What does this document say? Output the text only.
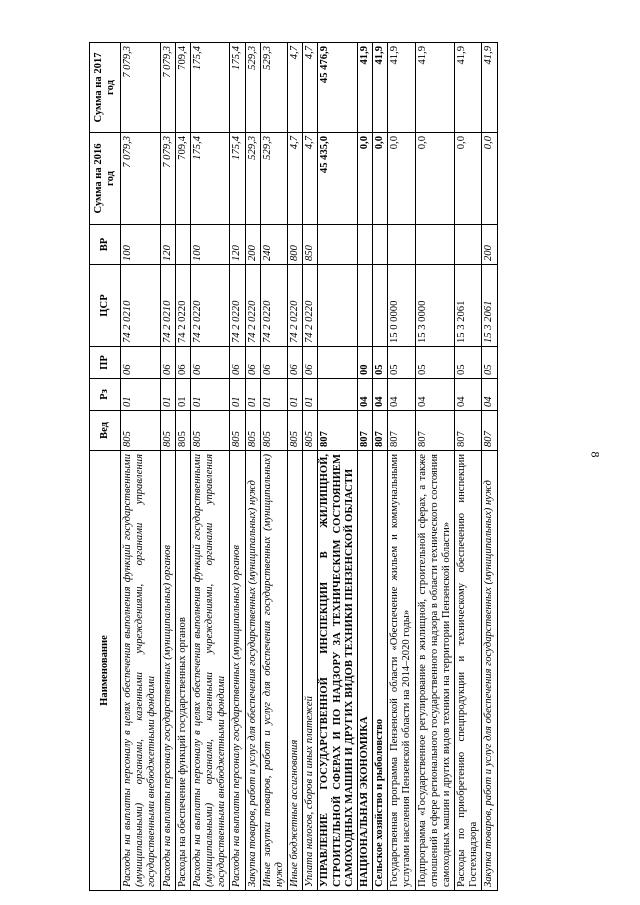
8
Наименование	Вед	Рз	ПР	ЦСР	ВР	Сумма на 2016 год	Сумма на 2017 год
Расходы на выплаты персоналу в целях обеспечения выполнения функций государственными (муниципальными) органами, казенными учреждениями, органами управления государственными внебюджетными фондами	805	01	06	74 2 0210	100	7 079,3	7 079,3
Расходы на выплаты персоналу государственных (муниципальных) органов	805	01	06	74 2 0210	120	7 079,3	7 079,3
Расходы на обеспечение функций государственных органов	805	01	06	74 2 0220		709,4	709,4
Расходы на выплаты персоналу в целях обеспечения выполнения функций государственными (муниципальными) органами, казенными учреждениями, органами управления государственными внебюджетными фондами	805	01	06	74 2 0220	100	175,4	175,4
Расходы на выплаты персоналу государственных (муниципальных) органов	805	01	06	74 2 0220	120	175,4	175,4
Закупка товаров, работ и услуг для обеспечения государственных (муниципальных) нужд	805	01	06	74 2 0220	200	529,3	529,3
Иные закупки товаров, работ и услуг для обеспечения государственных (муниципальных) нужд	805	01	06	74 2 0220	240	529,3	529,3
Иные бюджетные ассигнования	805	01	06	74 2 0220	800	4,7	4,7
Уплата налогов, сборов и иных платежей	805	01	06	74 2 0220	850	4,7	4,7
УПРАВЛЕНИЕ ГОСУДАРСТВЕННОЙ ИНСПЕКЦИИ В ЖИЛИЩНОЙ, СТРОИТЕЛЬНОЙ СФЕРАХ И ПО НАДЗОРУ ЗА ТЕХНИЧЕСКИМ СОСТОЯНИЕМ САМОХОДНЫХ МАШИН И ДРУГИХ ВИДОВ ТЕХНИКИ ПЕНЗЕНСКОЙ ОБЛАСТИ	807					45 435,0	45 476,9
НАЦИОНАЛЬНАЯ ЭКОНОМИКА	807	04	00			0,0	41,9
Сельское хозяйство и рыболовство	807	04	05			0,0	41,9
Государственная программа Пензенской области «Обеспечение жильем и коммунальными услугами населения Пензенской области на 2014–2020 годы»	807	04	05	15 0 0000		0,0	41,9
Подпрограмма «Государственное регулирование в жилищной, строительной сферах, а также отношений в сфере регионального государственного надзора в области технического состояния самоходных машин и других видов техники на территории Пензенской области»	807	04	05	15 3 0000		0,0	41,9
Расходы по приобретению спецпродукции и техническому обеспечению инспекции Гостехнадзора	807	04	05	15 3 2061		0,0	41,9
Закупка товаров, работ и услуг для обеспечения государственных (муниципальных) нужд	807	04	05	15 3 2061	200	0,0	41,9
